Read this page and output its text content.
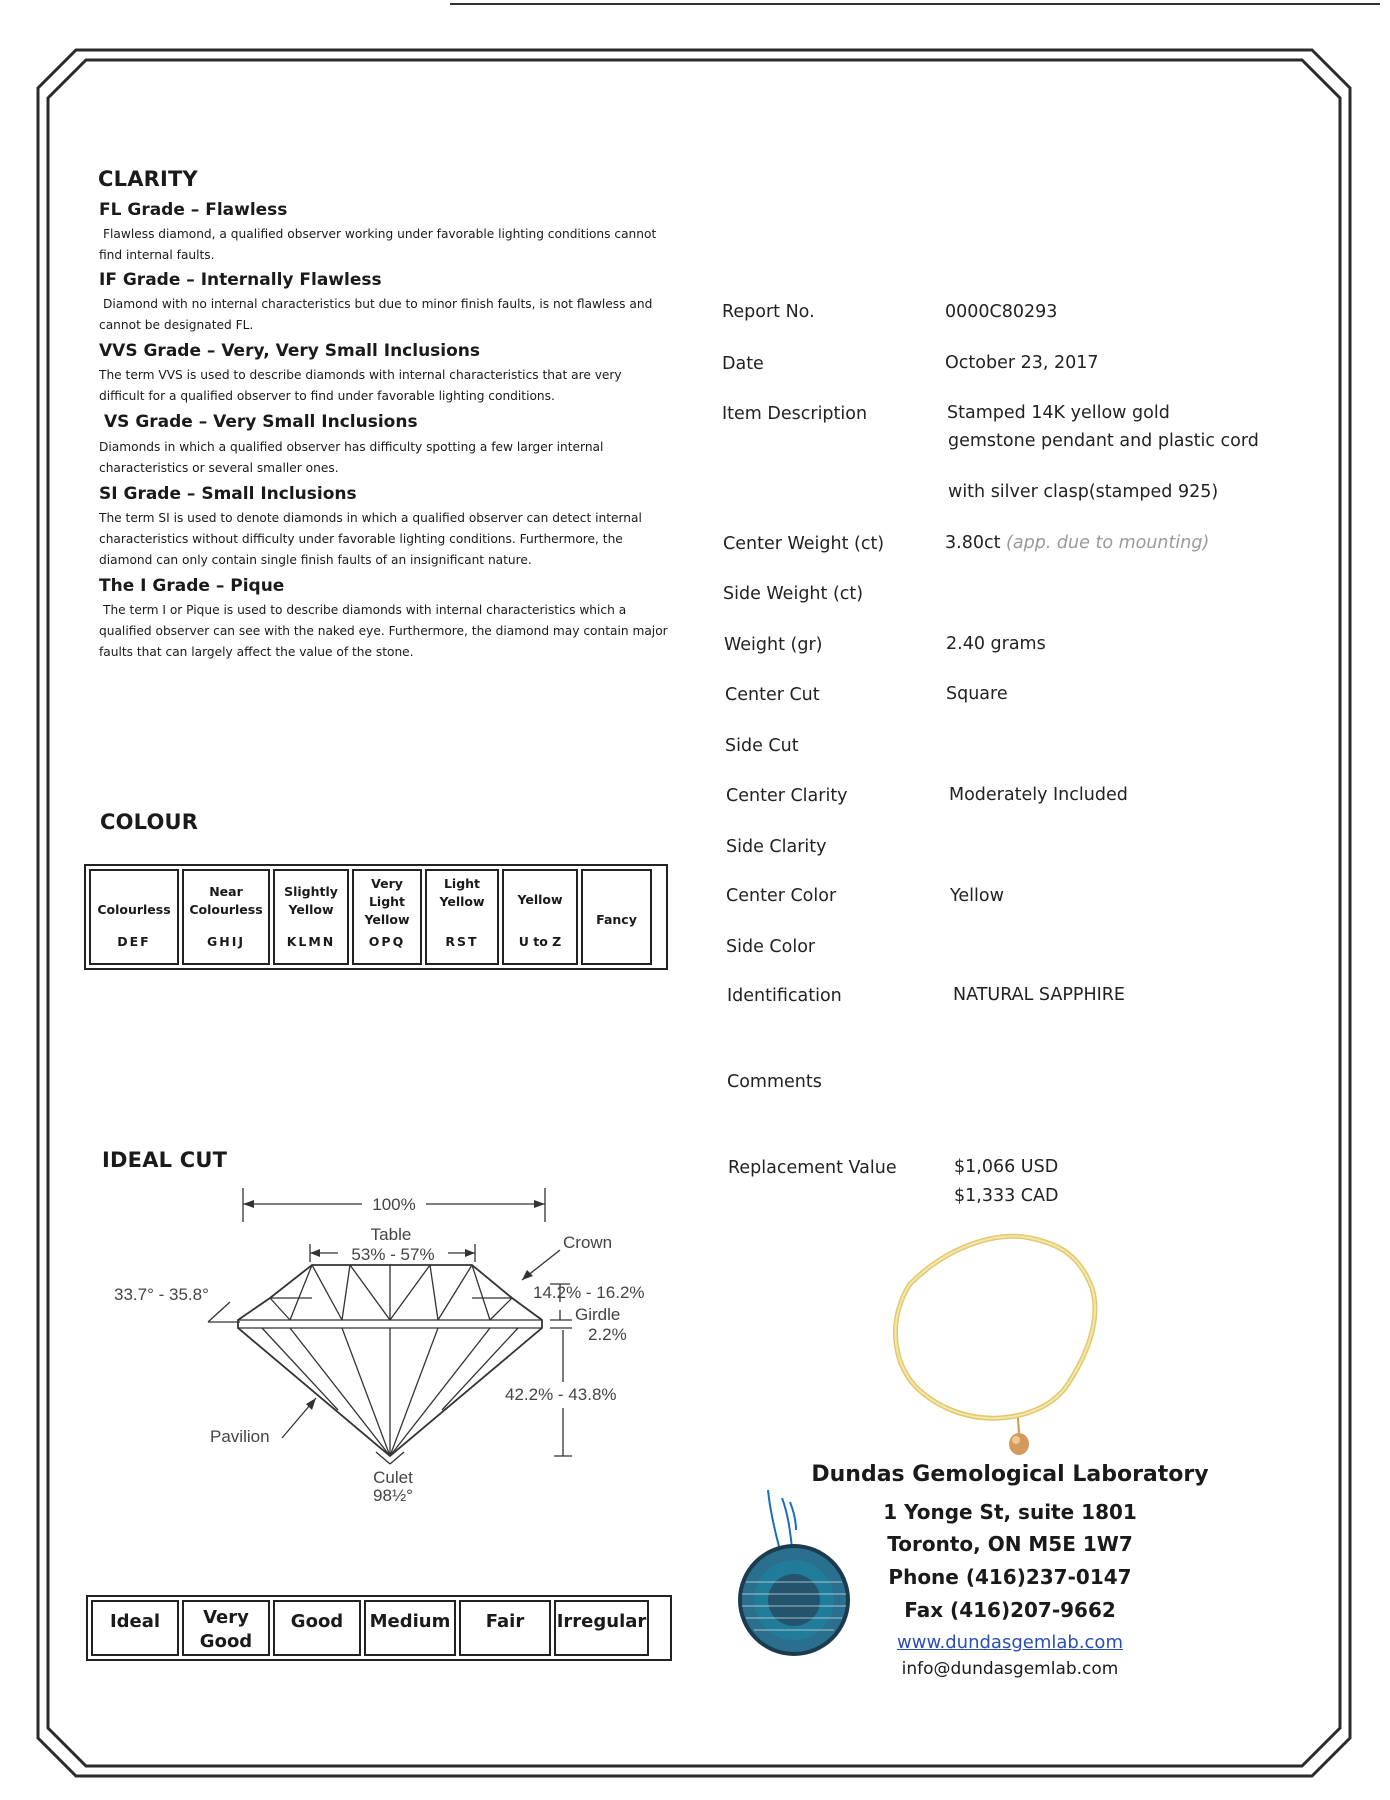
CLARITY
FL Grade – Flawless
Flawless diamond, a qualified observer working under favorable lighting conditions cannot find internal faults.
IF Grade – Internally Flawless
Diamond with no internal characteristics but due to minor finish faults, is not flawless and cannot be designated FL.
VVS Grade – Very, Very Small Inclusions
The term VVS is used to describe diamonds with internal characteristics that are very difficult for a qualified observer to find under favorable lighting conditions.
VS Grade – Very Small Inclusions
Diamonds in which a qualified observer has difficulty spotting a few larger internal characteristics or several smaller ones.
SI Grade – Small Inclusions
The term SI is used to denote diamonds in which a qualified observer can detect internal characteristics without difficulty under favorable lighting conditions. Furthermore, the diamond can only contain single finish faults of an insignificant nature.
The I Grade – Pique
The term I or Pique is used to describe diamonds with internal characteristics which a qualified observer can see with the naked eye. Furthermore, the diamond may contain major faults that can largely affect the value of the stone.
COLOUR
Colourless
DEF
Near
Colourless
GHIJ
Slightly
Yellow
KLMN
Very
Light
Yellow
OPQ
Light
Yellow
RST
Yellow
U to Z
Fancy
IDEAL CUT
100%
Table
53% - 57%
Crown
33.7° - 35.8°	14.2% - 16.2%
Girdle
2.2%
42.2% - 43.8%
Pavilion
Culet
98½°
Ideal	Very
Good
Good	Medium	Fair	Irregular
Report No.	0000C80293
Date	October 23, 2017
Item Description	Stamped 14K yellow gold
gemstone pendant and plastic cord
with silver clasp(stamped 925)
Center Weight (ct)	3.80ct (app. due to mounting)
Side Weight (ct)
Weight (gr)	2.40 grams
Center Cut	Square
Side Cut
Center Clarity	Moderately Included
Side Clarity
Center Color	Yellow
Side Color
Identification	NATURAL SAPPHIRE
Comments
Replacement Value	$1,066 USD
$1,333 CAD
Dundas Gemological Laboratory
1 Yonge St, suite 1801
Toronto, ON M5E 1W7
Phone (416)237-0147
Fax (416)207-9662
www.dundasgemlab.com
info@dundasgemlab.com
